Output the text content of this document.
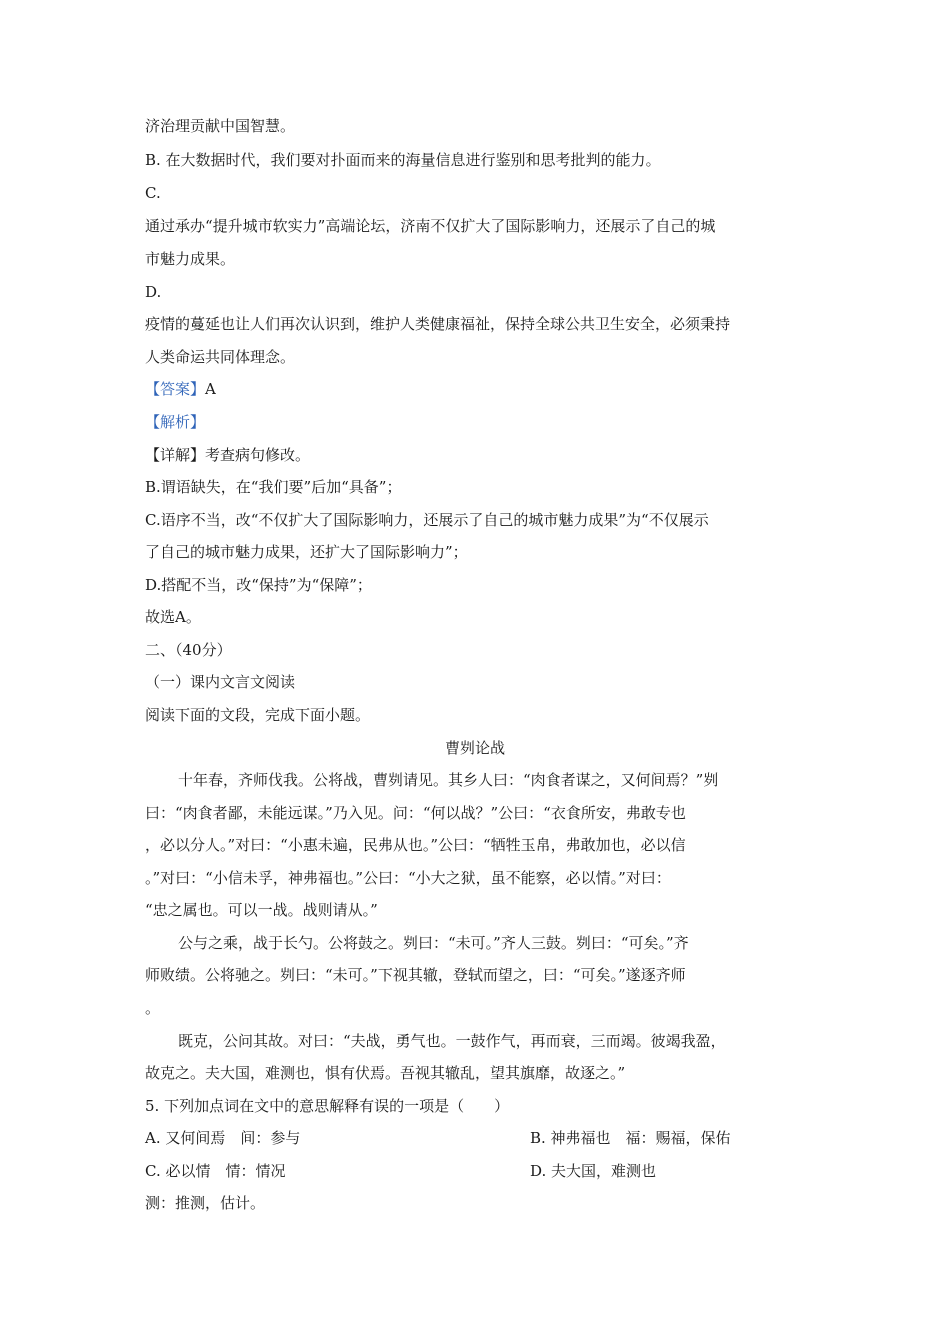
济治理贡献中国智慧。
B. 在大数据时代，我们要对扑面而来的海量信息进行鉴别和思考批判的能力。
C.
通过承办“提升城市软实力”高端论坛，济南不仅扩大了国际影响力，还展示了自己的城
市魅力成果。
D.
疫情的蔓延也让人们再次认识到，维护人类健康福祉，保持全球公共卫生安全，必须秉持
人类命运共同体理念。
【答案】A
【解析】
【详解】考查病句修改。
B.谓语缺失，在“我们要”后加“具备”；
C.语序不当，改“不仅扩大了国际影响力，还展示了自己的城市魅力成果”为“不仅展示
了自己的城市魅力成果，还扩大了国际影响力”；
D.搭配不当，改“保持”为“保障”；
故选A。
二、（40分）
（一）课内文言文阅读
阅读下面的文段，完成下面小题。
曹刿论战
十年春，齐师伐我。公将战，曹刿请见。其乡人曰：“肉食者谋之，又何间焉？”刿
曰：“肉食者鄙，未能远谋。”乃入见。问：“何以战？”公曰：“衣食所安，弗敢专也
，必以分人。”对曰：“小惠未遍，民弗从也。”公曰：“牺牲玉帛，弗敢加也，必以信
。”对曰：“小信未孚，神弗福也。”公曰：“小大之狱，虽不能察，必以情。”对曰：
“忠之属也。可以一战。战则请从。”
公与之乘，战于长勺。公将鼓之。刿曰：“未可。”齐人三鼓。刿曰：“可矣。”齐
师败绩。公将驰之。刿曰：“未可。”下视其辙，登轼而望之，曰：“可矣。”遂逐齐师
。
既克，公问其故。对曰：“夫战，勇气也。一鼓作气，再而衰，三而竭。彼竭我盈，
故克之。夫大国，难测也，惧有伏焉。吾视其辙乱，望其旗靡，故逐之。”
5. 下列加点词在文中的意思解释有误的一项是（　　）
A. 又何间焉　间：参与	B. 神弗福也　福：赐福，保佑
C. 必以情　情：情况	D. 夫大国，难测也
测：推测，估计。
